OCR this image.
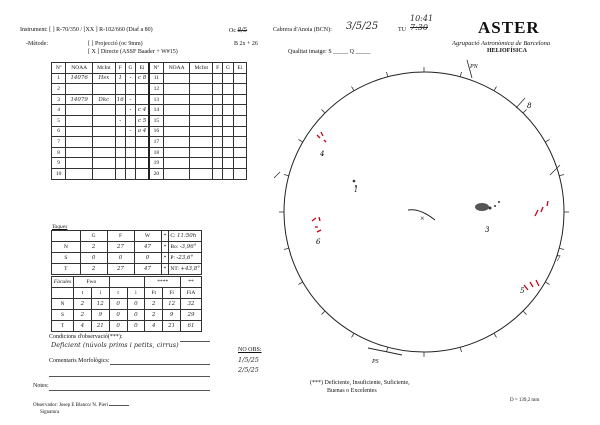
Instrument: [ ] R-70/350 / [XX ] R-102/660 (Diaf a 80)	Oc 8/5	Cabrera d'Anoia (BCN): 3/5/25	TU
10:41
7:30
-Mètode:	[ ] Projecció (oc 9mm)
[ X ] Directe (ASSF Baader + W#15)
B 2x + 26
Qualitat imatge: S _____ Q _____
ASTER
Agrupació Astronòmica de Barcelona
HELIOFÍSICA
Nº	NOAA	McInt	F	G	Ei	Nº	NOAA	McInt	F	G	Ei
1	14076	Hsx	1	-	c 8	11					
2						12					
3	14079	Dkc	16	-		13					
4				-	c 4	14					
5			-		c 5	15					
6				-	a 4	16					
7						17					
8						18					
9						19					
10						20					
Taques
	G	F	W	*	C: 11:50h
N	2	27	47	*	Bo: -3,96°
S	0	0	0	*	P: -23,6°
T	2	27	47	*	NT: +43,8°
Fàcules	Fwo				****		**
	t	i	t	i	Ft	Fi	FiA
N	2	12	0	0	2	12	32
S	2	9	0	0	2	9	29
T	4	21	0	0	4	21	61
Condicions d'observació(***):
Deficient (núvols prims i petits, cirrus)
Comentaris Morfològics:
Notes:
Observador: Josep E Blanco/ N. Pieri
Signatura
NO OBS:
1/5/25
2/5/25
(***) Deficiente, Insuficiente, Suficiente,
Buenas o Excelentes
D = 139,2 mm
PN
PS
×
3
1
4
6
5
7
8
